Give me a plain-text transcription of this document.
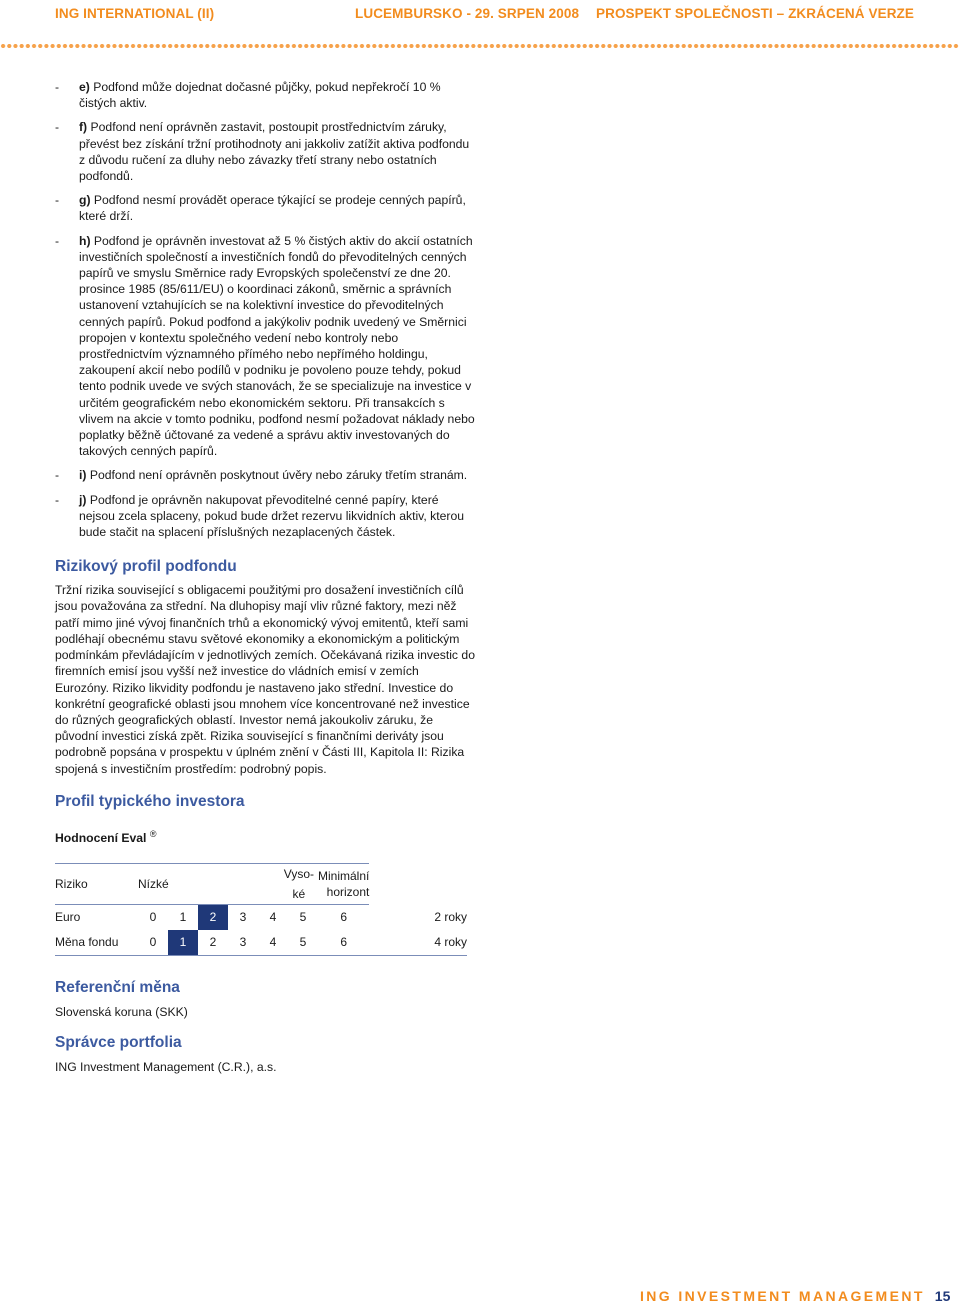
ING INTERNATIONAL (II)	LUCEMBURSKO - 29. SRPEN 2008 PROSPEKT SPOLEČNOSTI – ZKRÁCENÁ VERZE
- e) Podfond může dojednat dočasné půjčky, pokud nepřekročí 10 % čistých aktiv.
- f) Podfond není oprávněn zastavit, postoupit prostřednictvím záruky, převést bez získání tržní protihodnoty ani jakkoliv zatížit aktiva podfondu z důvodu ručení za dluhy nebo závazky třetí strany nebo ostatních podfondů.
- g) Podfond nesmí provádět operace týkající se prodeje cenných papírů, které drží.
- h) Podfond je oprávněn investovat až 5 % čistých aktiv do akcií ostatních investičních společností a investičních fondů do převoditelných cenných papírů ve smyslu Směrnice rady Evropských společenství ze dne 20. prosince 1985 (85/611/EU) o koordinaci zákonů, směrnic a správních ustanovení vztahujících se na kolektivní investice do převoditelných cenných papírů. Pokud podfond a jakýkoliv podnik uvedený ve Směrnici propojen v kontextu společného vedení nebo kontroly nebo prostřednictvím významného přímého nebo nepřímého holdingu, zakoupení akcií nebo podílů v podniku je povoleno pouze tehdy, pokud tento podnik uvede ve svých stanovách, že se specializuje na investice v určitém geografickém nebo ekonomickém sektoru. Při transakcích s vlivem na akcie v tomto podniku, podfond nesmí požadovat náklady nebo poplatky běžně účtované za vedené a správu aktiv investovaných do takových cenných papírů.
- i) Podfond není oprávněn poskytnout úvěry nebo záruky třetím stranám.
- j) Podfond je oprávněn nakupovat převoditelné cenné papíry, které nejsou zcela splaceny, pokud bude držet rezervu likvidních aktiv, kterou bude stačit na splacení příslušných nezaplacených částek.
Rizikový profil podfondu

Tržní rizika související s obligacemi použitými pro dosažení investičních cílů jsou považována za střední. Na dluhopisy mají vliv různé faktory, mezi něž patří mimo jiné vývoj finančních trhů a ekonomický vývoj emitentů, kteří sami podléhají obecnému stavu světové ekonomiky a ekonomickým a politickým podmínkám převládajícím v jednotlivých zemích. Očekávaná rizika investic do firemních emisí jsou vyšší než investice do vládních emisí v zemích Eurozóny. Riziko likvidity podfondu je nastaveno jako střední. Investice do konkrétní geografické oblasti jsou mnohem více koncentrované než investice do různých geografických oblastí. Investor nemá jakoukoliv záruku, že původní investici získá zpět. Rizika související s finančními deriváty jsou podrobně popsána v prospektu v úplném znění v Části III, Kapitola II: Rizika spojená s investičním prostředím: podrobný popis.

Profil typického investora

Hodnocení Eval ®

Riziko	Nízké			Vyso-
ké			Minimální horizont	
Euro	0	1	2	3	4	5	6	2 roky
Měna fondu	0	1	2	3	4	5	6	4 roky
Referenční měna

Slovenská koruna (SKK)

Správce portfolia

ING Investment Management (C.R.), a.s.

ING INVESTMENT MANAGEMENT 15
